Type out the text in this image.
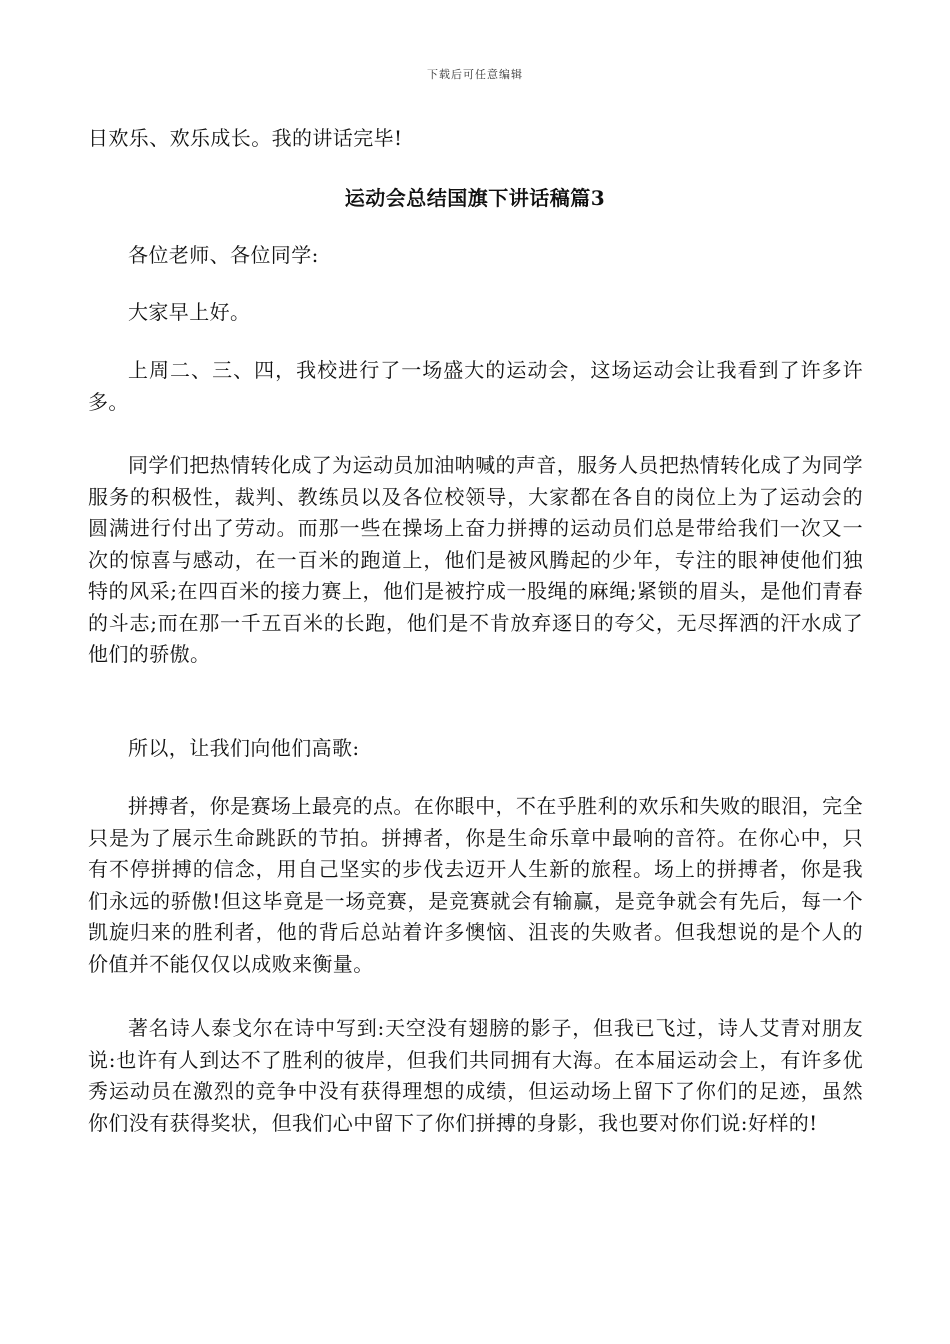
下载后可任意编辑

日欢乐、欢乐成长。我的讲话完毕!

运动会总结国旗下讲话稿篇3

各位老师、各位同学:

大家早上好。

上周二、三、四，我校进行了一场盛大的运动会，这场运动会让我看到了许多许多。

同学们把热情转化成了为运动员加油呐喊的声音，服务人员把热情转化成了为同学服务的积极性，裁判、教练员以及各位校领导，大家都在各自的岗位上为了运动会的圆满进行付出了劳动。而那一些在操场上奋力拼搏的运动员们总是带给我们一次又一次的惊喜与感动，在一百米的跑道上，他们是被风腾起的少年，专注的眼神使他们独特的风采;在四百米的接力赛上，他们是被拧成一股绳的麻绳;紧锁的眉头，是他们青春的斗志;而在那一千五百米的长跑，他们是不肯放弃逐日的夸父，无尽挥洒的汗水成了他们的骄傲。

所以，让我们向他们高歌:

拼搏者，你是赛场上最亮的点。在你眼中，不在乎胜利的欢乐和失败的眼泪，完全只是为了展示生命跳跃的节拍。拼搏者，你是生命乐章中最响的音符。在你心中，只有不停拼搏的信念，用自己坚实的步伐去迈开人生新的旅程。场上的拼搏者，你是我们永远的骄傲!但这毕竟是一场竞赛，是竞赛就会有输赢，是竞争就会有先后，每一个凯旋归来的胜利者，他的背后总站着许多懊恼、沮丧的失败者。但我想说的是个人的价值并不能仅仅以成败来衡量。

著名诗人泰戈尔在诗中写到:天空没有翅膀的影子，但我已飞过，诗人艾青对朋友说:也许有人到达不了胜利的彼岸，但我们共同拥有大海。在本届运动会上，有许多优秀运动员在激烈的竞争中没有获得理想的成绩，但运动场上留下了你们的足迹，虽然你们没有获得奖状，但我们心中留下了你们拼搏的身影，我也要对你们说:好样的!
